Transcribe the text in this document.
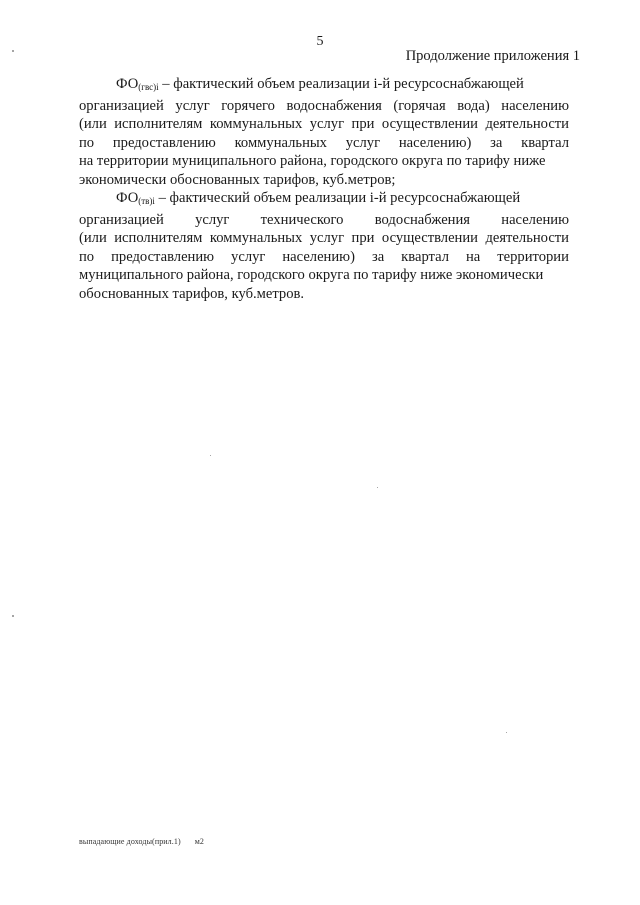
5
Продолжение приложения 1
$ФО_{(гвс)i}$ – фактический объем реализации i-й ресурсоснабжающей
организацией услуг горячего водоснабжения (горячая вода) населению
(или исполнителям коммунальных услуг при осуществлении деятельности
по предоставлению коммунальных услуг населению) за квартал
на территории муниципального района, городского округа по тарифу ниже
экономически обоснованных тарифов, куб.метров;
$ФО_{(тв)i}$ – фактический объем реализации i-й ресурсоснабжающей
организацией услуг технического водоснабжения населению
(или исполнителям коммунальных услуг при осуществлении деятельности
по предоставлению услуг населению) за квартал на территории
муниципального района, городского округа по тарифу ниже экономически
обоснованных тарифов, куб.метров.
выпадающие доходы(прил.1) м2
